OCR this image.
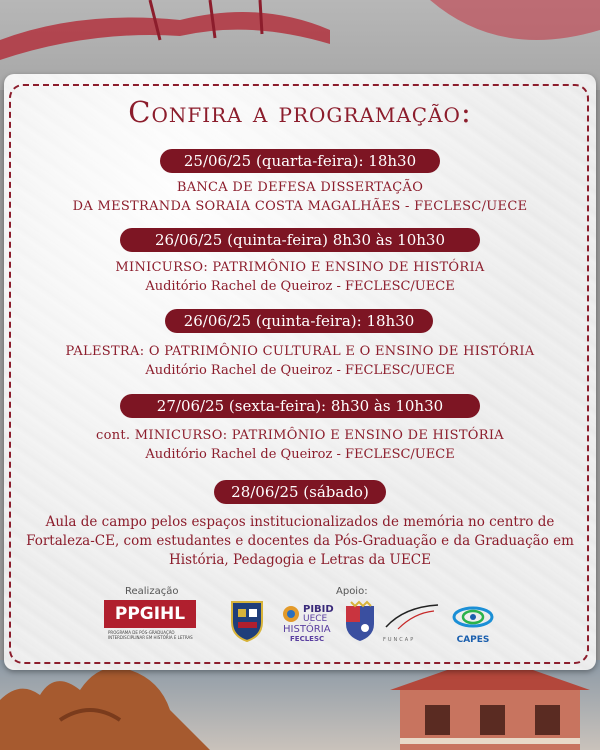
Confira a programação:
25/06/25 (quarta-feira): 18h30
BANCA DE DEFESA DISSERTAÇÃO
DA MESTRANDA SORAIA COSTA MAGALHÃES - FECLESC/UECE
26/06/25 (quinta-feira) 8h30 às 10h30
MINICURSO: PATRIMÔNIO E ENSINO DE HISTÓRIA
Auditório Rachel de Queiroz - FECLESC/UECE
26/06/25 (quinta-feira): 18h30
PALESTRA: O PATRIMÔNIO CULTURAL E O ENSINO DE HISTÓRIA
Auditório Rachel de Queiroz - FECLESC/UECE
27/06/25 (sexta-feira): 8h30 às 10h30
cont. MINICURSO: PATRIMÔNIO E ENSINO DE HISTÓRIA
Auditório Rachel de Queiroz - FECLESC/UECE
28/06/25 (sábado)
Aula de campo pelos espaços institucionalizados de memória no centro de
Fortaleza-CE, com estudantes e docentes da Pós-Graduação e da Graduação em
História, Pedagogia e Letras da UECE
Realização	Apoio:
PPGIHL
PROGRAMA DE PÓS-GRADUAÇÃO INTERDISCIPLINAR EM HISTÓRIA E LETRAS
PIBID
UECE
HISTÓRIA
FECLESC	FUNCAP	CAPES
